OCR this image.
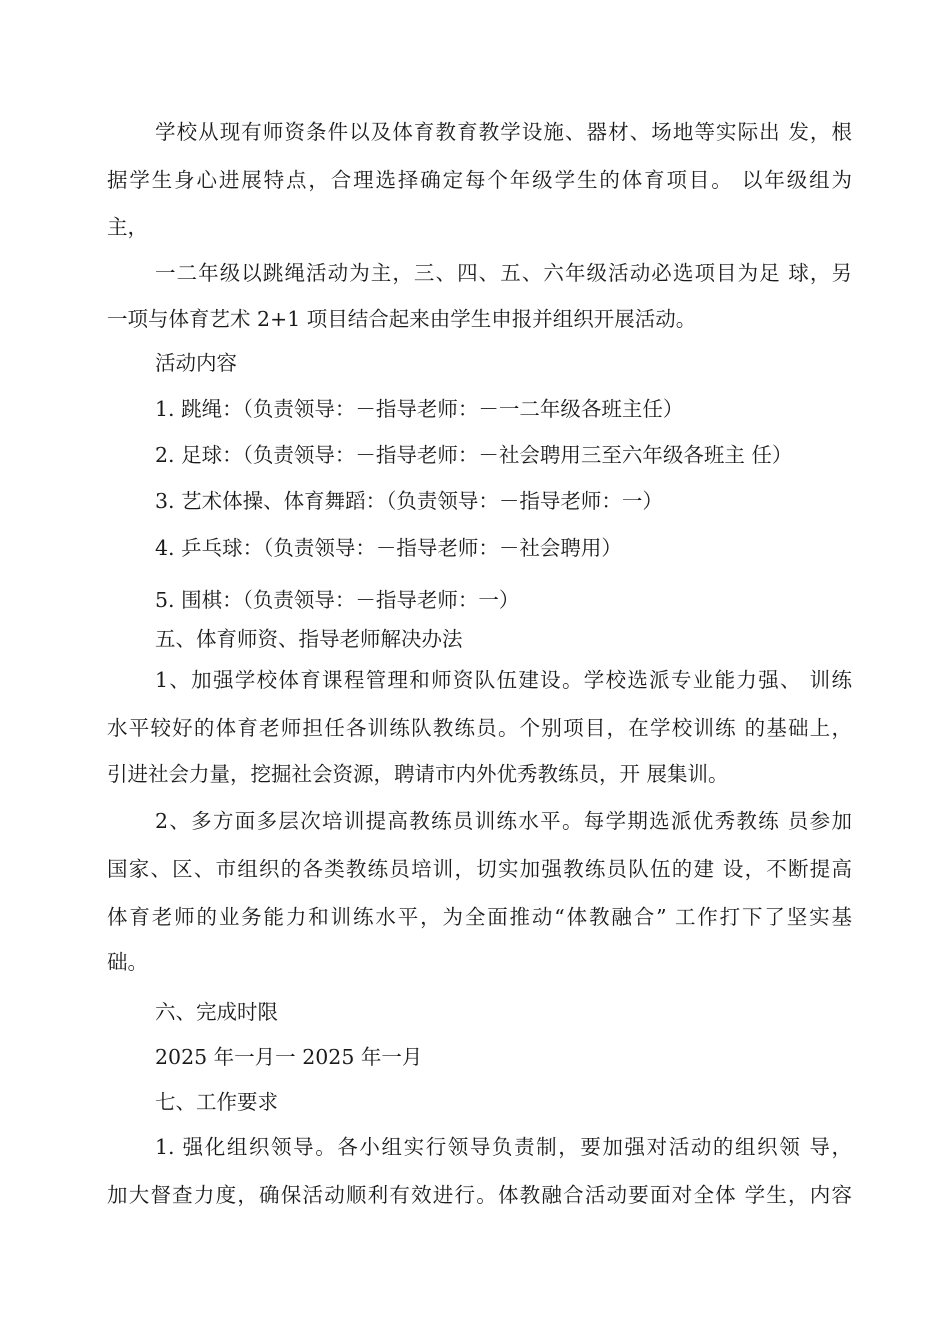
学校从现有师资条件以及体育教育教学设施、器材、场地等实际出 发，根

据学生身心进展特点，合理选择确定每个年级学生的体育项目。 以年级组为

主，

一二年级以跳绳活动为主，三、四、五、六年级活动必选项目为足 球，另

一项与体育艺术 2+1 项目结合起来由学生申报并组织开展活动。

活动内容

1. 跳绳：（负责领导：－指导老师：－一二年级各班主任）

2. 足球：（负责领导：－指导老师：－社会聘用三至六年级各班主 任）

3. 艺术体操、体育舞蹈：（负责领导：－指导老师：一）

4. 乒乓球：（负责领导：－指导老师：－社会聘用）

5. 围棋：（负责领导：－指导老师：一）

五、体育师资、指导老师解决办法

1、加强学校体育课程管理和师资队伍建设。学校选派专业能力强、 训练

水平较好的体育老师担任各训练队教练员。个别项目，在学校训练 的基础上，

引进社会力量，挖掘社会资源，聘请市内外优秀教练员，开 展集训。

2、多方面多层次培训提高教练员训练水平。每学期选派优秀教练 员参加

国家、区、市组织的各类教练员培训，切实加强教练员队伍的建 设，不断提高

体育老师的业务能力和训练水平，为全面推动“体教融合” 工作打下了坚实基

础。

六、完成时限

2025 年一月一 2025 年一月

七、工作要求

1. 强化组织领导。各小组实行领导负责制，要加强对活动的组织领 导，

加大督查力度，确保活动顺利有效进行。体教融合活动要面对全体 学生，内容
